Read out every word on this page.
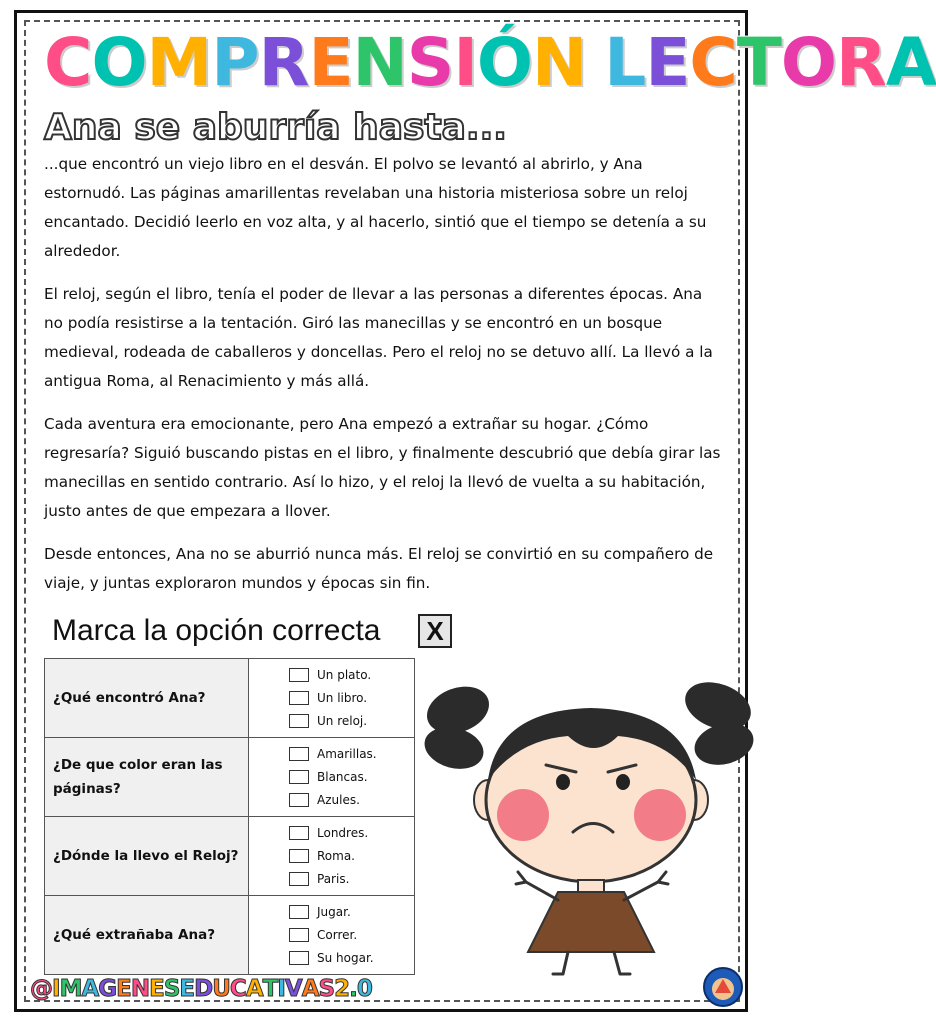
COMPRENSIÓN LECTORA
Ana se aburría hasta...

...que encontró un viejo libro en el desván. El polvo se levantó al abrirlo, y Ana estornudó. Las páginas amarillentas revelaban una historia misteriosa sobre un reloj encantado. Decidió leerlo en voz alta, y al hacerlo, sintió que el tiempo se detenía a su alrededor.

El reloj, según el libro, tenía el poder de llevar a las personas a diferentes épocas. Ana no podía resistirse a la tentación. Giró las manecillas y se encontró en un bosque medieval, rodeada de caballeros y doncellas. Pero el reloj no se detuvo allí. La llevó a la antigua Roma, al Renacimiento y más allá.

Cada aventura era emocionante, pero Ana empezó a extrañar su hogar. ¿Cómo regresaría? Siguió buscando pistas en el libro, y finalmente descubrió que debía girar las manecillas en sentido contrario. Así lo hizo, y el reloj la llevó de vuelta a su habitación, justo antes de que empezara a llover.

Desde entonces, Ana no se aburrió nunca más. El reloj se convirtió en su compañero de viaje, y juntas exploraron mundos y épocas sin fin.

Marca la opción correcta	X
¿Qué encontró Ana?	Un plato.
Un libro.
Un reloj.

¿De que color eran las páginas?	Amarillas.
Blancas.
Azules.

¿Dónde la llevo el Reloj?	Londres.
Roma.
Paris.

¿Qué extrañaba Ana?	Jugar.
Correr.
Su hogar.
@IMAGENESEDUCATIVAS2.0
